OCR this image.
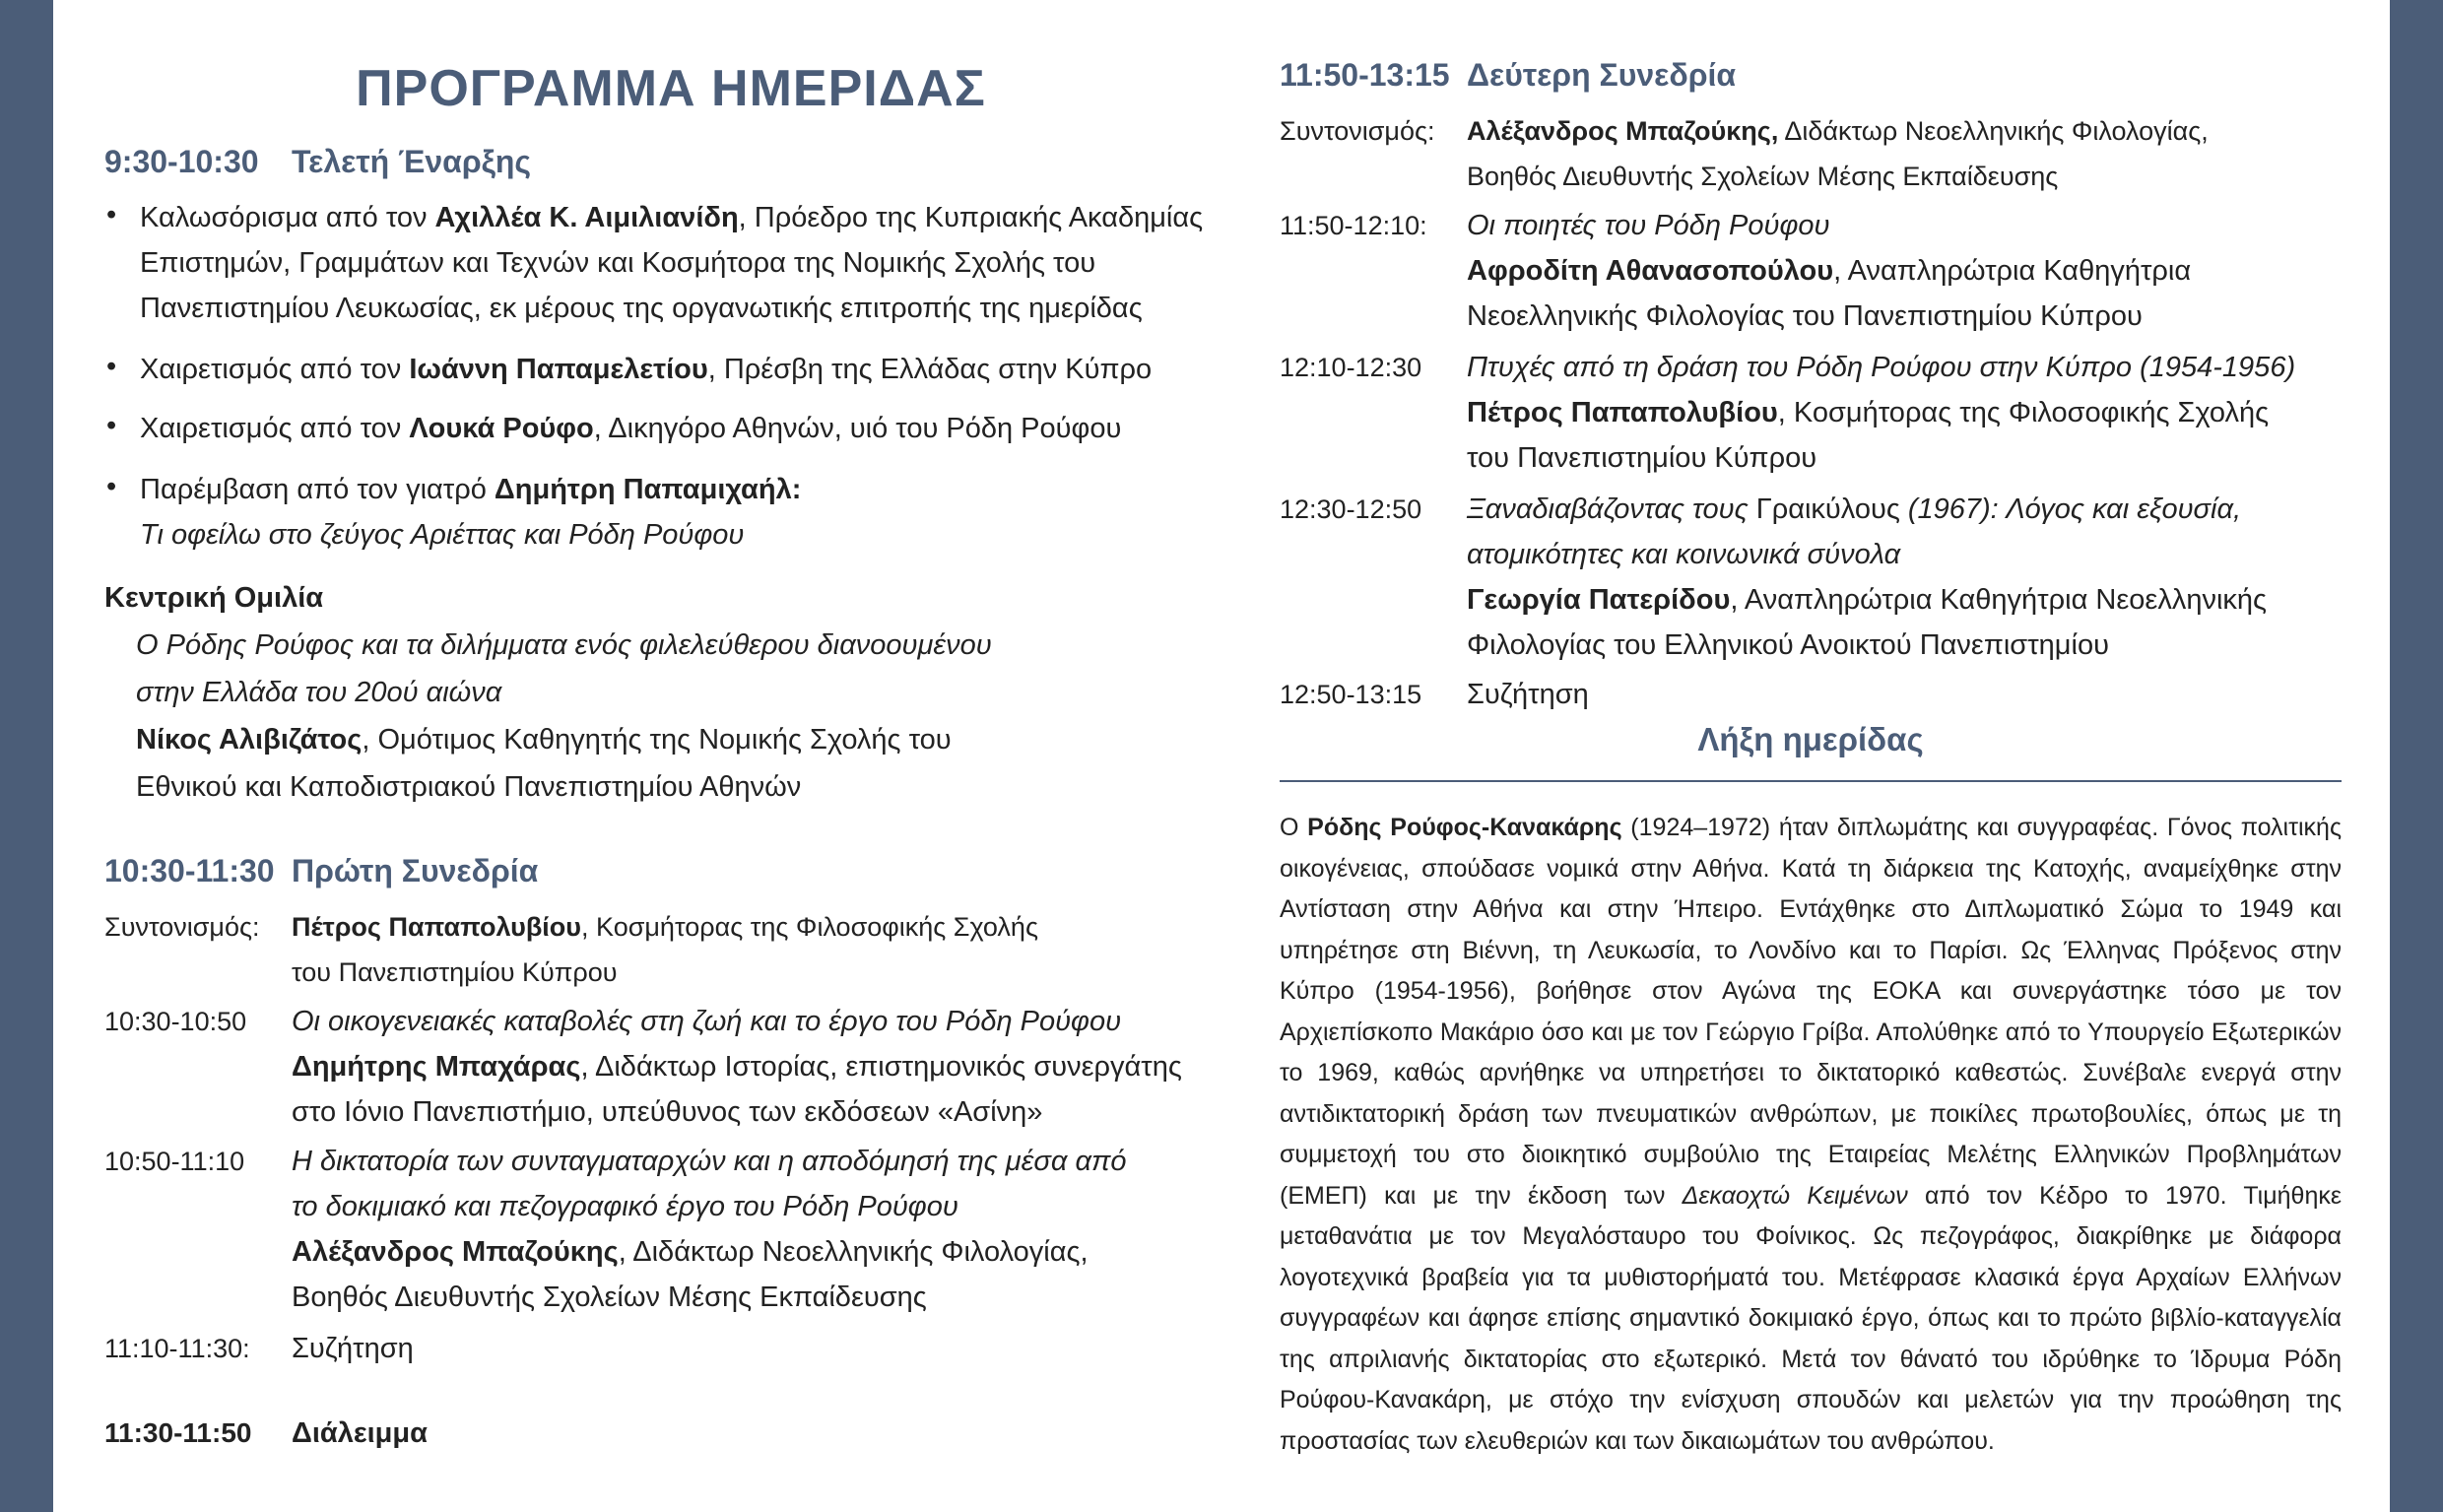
ΠΡΟΓΡΑΜΜΑ ΗΜΕΡΙΔΑΣ
9:30-10:30 Τελετή Έναρξης
• Καλωσόρισμα από τον Αχιλλέα Κ. Αιμιλιανίδη, Πρόεδρο της Κυπριακής Ακαδημίας
Επιστημών, Γραμμάτων και Τεχνών και Κοσμήτορα της Νομικής Σχολής του
Πανεπιστημίου Λευκωσίας, εκ μέρους της οργανωτικής επιτροπής της ημερίδας
• Χαιρετισμός από τον Ιωάννη Παπαμελετίου, Πρέσβη της Ελλάδας στην Κύπρο
• Χαιρετισμός από τον Λουκά Ρούφο, Δικηγόρο Αθηνών, υιό του Ρόδη Ρούφου
• Παρέμβαση από τον γιατρό Δημήτρη Παπαμιχαήλ:
Τι οφείλω στο ζεύγος Αριέττας και Ρόδη Ρούφου
Κεντρική Ομιλία
Ο Ρόδης Ρούφος και τα διλήμματα ενός φιλελεύθερου διανοουμένου
στην Ελλάδα του 20ού αιώνα
Νίκος Αλιβιζάτος, Ομότιμος Καθηγητής της Νομικής Σχολής του
Εθνικού και Καποδιστριακού Πανεπιστημίου Αθηνών
10:30-11:30 Πρώτη Συνεδρία
Συντονισμός: Πέτρος Παπαπολυβίου, Κοσμήτορας της Φιλοσοφικής Σχολής
του Πανεπιστημίου Κύπρου
10:30-10:50 Οι οικογενειακές καταβολές στη ζωή και το έργο του Ρόδη Ρούφου
Δημήτρης Μπαχάρας, Διδάκτωρ Ιστορίας, επιστημονικός συνεργάτης
στο Ιόνιο Πανεπιστήμιο, υπεύθυνος των εκδόσεων «Ασίνη»
10:50-11:10 Η δικτατορία των συνταγματαρχών και η αποδόμησή της μέσα από
το δοκιμιακό και πεζογραφικό έργο του Ρόδη Ρούφου
Αλέξανδρος Μπαζούκης, Διδάκτωρ Νεοελληνικής Φιλολογίας,
Βοηθός Διευθυντής Σχολείων Μέσης Εκπαίδευσης
11:10-11:30: Συζήτηση
11:30-11:50 Διάλειμμα
11:50-13:15 Δεύτερη Συνεδρία
Συντονισμός: Αλέξανδρος Μπαζούκης, Διδάκτωρ Νεοελληνικής Φιλολογίας,
Βοηθός Διευθυντής Σχολείων Μέσης Εκπαίδευσης
11:50-12:10: Οι ποιητές του Ρόδη Ρούφου
Αφροδίτη Αθανασοπούλου, Αναπληρώτρια Καθηγήτρια
Νεοελληνικής Φιλολογίας του Πανεπιστημίου Κύπρου
12:10-12:30 Πτυχές από τη δράση του Ρόδη Ρούφου στην Κύπρο (1954-1956)
Πέτρος Παπαπολυβίου, Κοσμήτορας της Φιλοσοφικής Σχολής
του Πανεπιστημίου Κύπρου
12:30-12:50 Ξαναδιαβάζοντας τους Γραικύλους (1967): Λόγος και εξουσία,
ατομικότητες και κοινωνικά σύνολα
Γεωργία Πατερίδου, Αναπληρώτρια Καθηγήτρια Νεοελληνικής
Φιλολογίας του Ελληνικού Ανοικτού Πανεπιστημίου
12:50-13:15 Συζήτηση
Λήξη ημερίδας

Ο Ρόδης Ρούφος-Κανακάρης (1924–1972) ήταν διπλωμάτης και συγγραφέας. Γόνος πολιτικής οικογένειας, σπούδασε νομικά στην Αθήνα. Κατά τη διάρκεια της Κατοχής, αναμείχθηκε στην Αντίσταση στην Αθήνα και στην Ήπειρο. Εντάχθηκε στο Διπλωματικό Σώμα το 1949 και υπηρέτησε στη Βιέννη, τη Λευκωσία, το Λονδίνο και το Παρίσι. Ως Έλληνας Πρόξενος στην Κύπρο (1954-1956), βοήθησε στον Αγώνα της ΕΟΚΑ και συνεργάστηκε τόσο με τον Αρχιεπίσκοπο Μακάριο όσο και με τον Γεώργιο Γρίβα. Απολύθηκε από το Υπουργείο Εξωτερικών το 1969, καθώς αρνήθηκε να υπηρετήσει το δικτατορικό καθεστώς. Συνέβαλε ενεργά στην αντιδικτατορική δράση των πνευματικών ανθρώπων, με ποικίλες πρωτοβουλίες, όπως με τη συμμετοχή του στο διοικητικό συμβούλιο της Εταιρείας Μελέτης Ελληνικών Προβλημάτων (ΕΜΕΠ) και με την έκδοση των Δεκαοχτώ Κειμένων από τον Κέδρο το 1970. Τιμήθηκε μεταθανάτια με τον Μεγαλόσταυρο του Φοίνικος. Ως πεζογράφος, διακρίθηκε με διάφορα λογοτεχνικά βραβεία για τα μυθιστορήματά του. Μετέφρασε κλασικά έργα Αρχαίων Ελλήνων συγγραφέων και άφησε επίσης σημαντικό δοκιμιακό έργο, όπως και το πρώτο βιβλίο-καταγγελία της απριλιανής δικτατορίας στο εξωτερικό. Μετά τον θάνατό του ιδρύθηκε το Ίδρυμα Ρόδη Ρούφου-Κανακάρη, με στόχο την ενίσχυση σπουδών και μελετών για την προώθηση της προστασίας των ελευθεριών και των δικαιωμάτων του ανθρώπου.
